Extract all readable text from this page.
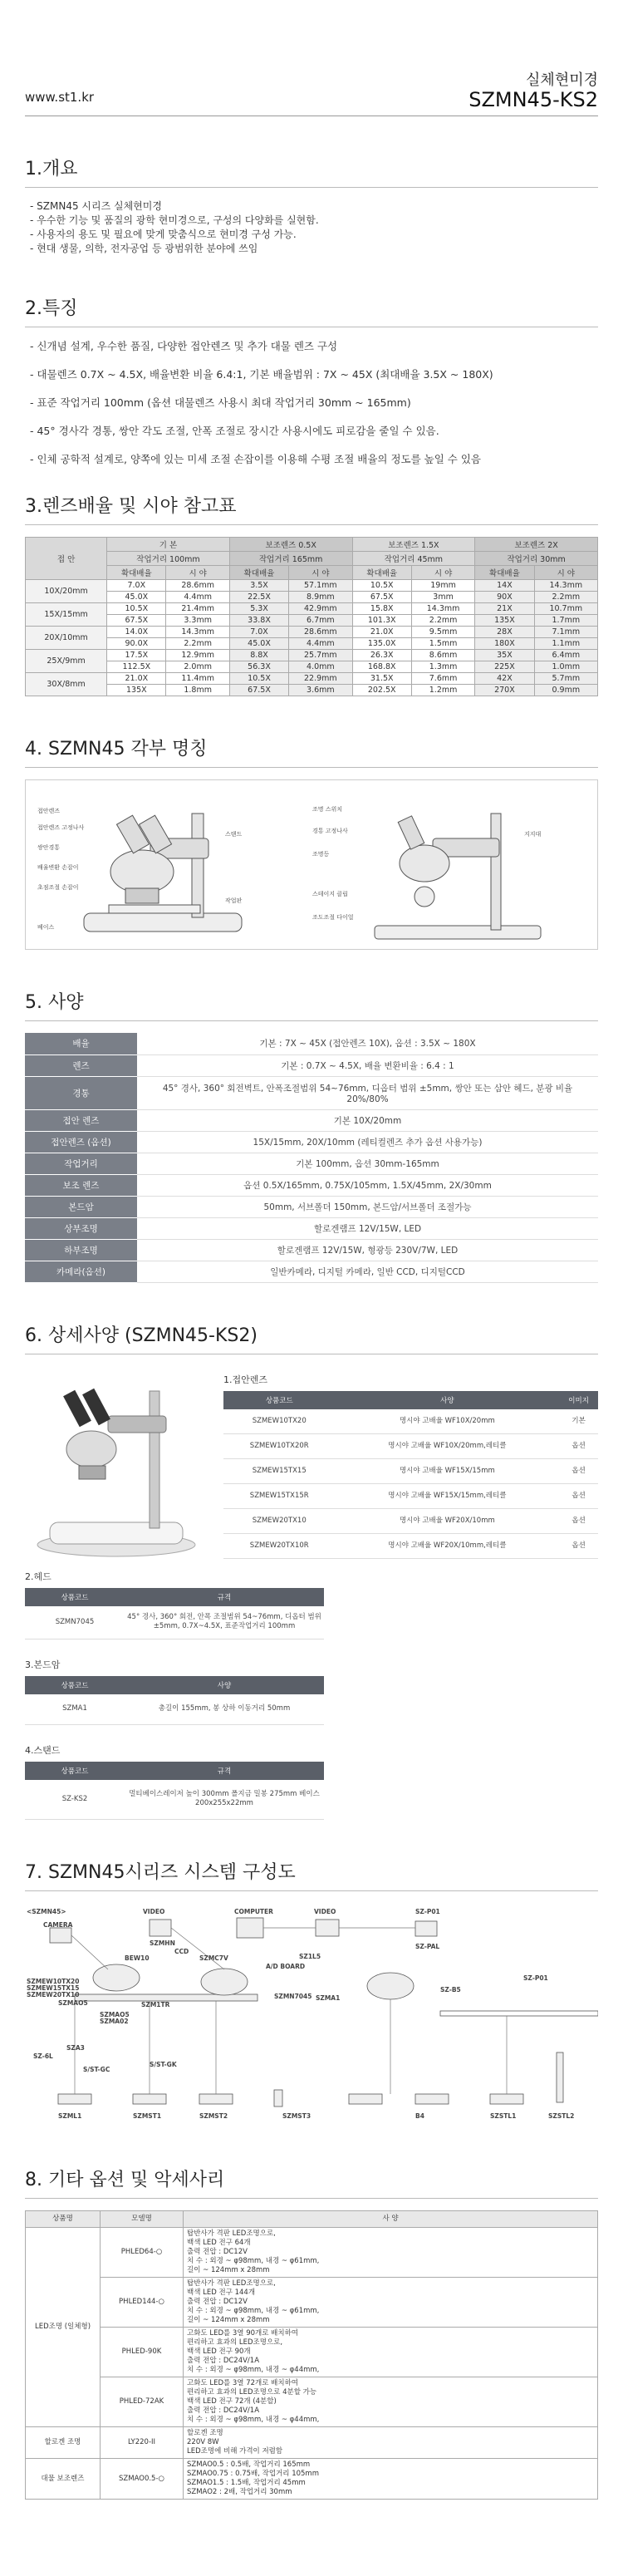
www.st1.kr
실체현미경
SZMN45-KS2
1.개요
- SZMN45 시리즈 실체현미경
- 우수한 기능 및 품질의 광학 현미경으로, 구성의 다양화를 실현함.
- 사용자의 용도 및 필요에 맞게 맞춤식으로 현미경 구성 가능.
- 현대 생물, 의학, 전자공업 등 광범위한 분야에 쓰임
2.특징
- 신개념 설계, 우수한 품질, 다양한 접안렌즈 및 추가 대물 렌즈 구성
- 대물렌즈 0.7X ~ 4.5X, 배율변환 비율 6.4:1, 기본 배율범위 : 7X ~ 45X (최대배율 3.5X ~ 180X)
- 표준 작업거리 100mm (옵션 대물렌즈 사용시 최대 작업거리 30mm ~ 165mm)
- 45° 경사각 경통, 쌍안 각도 조절, 안폭 조절로 장시간 사용시에도 피로감을 줄일 수 있음.
- 인체 공학적 설계로, 양쪽에 있는 미세 조절 손잡이를 이용해 수평 조절 배율의 정도를 높일 수 있음
3.렌즈배율 및 시야 참고표
접 안	기 본		보조렌즈 0.5X		보조렌즈 1.5X		보조렌즈 2X	
	작업거리 100mm		작업거리 165mm		작업거리 45mm		작업거리 30mm	
	확대배율	시 야	확대배율	시 야	확대배율	시 야	확대배율	시 야
10X/20mm	7.0X	28.6mm	3.5X	57.1mm	10.5X	19mm	14X	14.3mm
	45.0X	4.4mm	22.5X	8.9mm	67.5X	3mm	90X	2.2mm
15X/15mm	10.5X	21.4mm	5.3X	42.9mm	15.8X	14.3mm	21X	10.7mm
	67.5X	3.3mm	33.8X	6.7mm	101.3X	2.2mm	135X	1.7mm
20X/10mm	14.0X	14.3mm	7.0X	28.6mm	21.0X	9.5mm	28X	7.1mm
	90.0X	2.2mm	45.0X	4.4mm	135.0X	1.5mm	180X	1.1mm
25X/9mm	17.5X	12.9mm	8.8X	25.7mm	26.3X	8.6mm	35X	6.4mm
	112.5X	2.0mm	56.3X	4.0mm	168.8X	1.3mm	225X	1.0mm
30X/8mm	21.0X	11.4mm	10.5X	22.9mm	31.5X	7.6mm	42X	5.7mm
	135X	1.8mm	67.5X	3.6mm	202.5X	1.2mm	270X	0.9mm
4. SZMN45 각부 명칭
접안렌즈
접안렌즈 고정나사
쌍안경통
배율변환 손잡이
초점조절 손잡이
스탠드
작업판
베이스
조명 스위치
경통 고정나사
조명등
지지대
스테이지 클립
조도조절 다이얼
5. 사양
배율	기본 : 7X ~ 45X (접안렌즈 10X), 옵션 : 3.5X ~ 180X
렌즈	기본 : 0.7X ~ 4.5X, 배율 변환비율 : 6.4 : 1
경통	45° 경사, 360° 회전벽트, 안폭조절범위 54~76mm, 디옵터 범위 ±5mm, 쌍안 또는 삼안 헤드, 분광 비율 20%/80%
접안 렌즈	기본 10X/20mm
접안렌즈 (옵션)	15X/15mm, 20X/10mm (레티컬렌즈 추가 옵션 사용가능)
작업거리	기본 100mm, 옵션 30mm-165mm
보조 렌즈	옵션 0.5X/165mm, 0.75X/105mm, 1.5X/45mm, 2X/30mm
본드암	50mm, 서브폴더 150mm, 본드암/서브폴더 조절가능
상부조명	할로겐램프 12V/15W, LED
하부조명	할로겐램프 12V/15W, 형광등 230V/7W, LED
카메라(옵션)	일반카메라, 디지털 카메라, 일반 CCD, 디지털CCD
6. 상세사양 (SZMN45-KS2)
1.접안렌즈
상품코드	사양	이미지
SZMEW10TX20	명시야 고배율 WF10X/20mm	기본
SZMEW10TX20R	명시야 고배율 WF10X/20mm,레티클	옵션
SZMEW15TX15	명시야 고배율 WF15X/15mm	옵션
SZMEW15TX15R	명시야 고배율 WF15X/15mm,레티클	옵션
SZMEW20TX10	명시야 고배율 WF20X/10mm	옵션
SZMEW20TX10R	명시야 고배율 WF20X/10mm,레티클	옵션
2.헤드
상품코드	규격
SZMN7045	45° 경사, 360° 회전, 안폭 조절범위 54~76mm, 디옵터 범위 ±5mm, 0.7X~4.5X, 표준작업거리 100mm
3.본드암
상품코드	사양
SZMA1	총길이 155mm, 봉 상하 이동거리 50mm
4.스탠드
상품코드	규격
SZ-KS2	멀티베이스레이저 높이 300mm 폴지금 밀봉 275mm 베이스 200x255x22mm
7. SZMN45시리즈 시스템 구성도
<SZMN45>
CAMERA
VIDEO	COMPUTER	VIDEO	SZ-P01
SZMHN
CCD
BEW10	SZMC7V	SZ1L5
SZ-PAL
A/D BOARD
SZMEW10TX20
SZMEW15TX15
SZMEW20TX10
SZMAO5	SZM1TR
SZMN7045 SZMA1
SZMAO5
SZMA02
SZ-B5
SZ-P01
SZ-6L
SZA3
S/ST-GC
S/ST-GK
SZML1	SZMST1	SZMST2	SZMST3	B4	SZSTL1	SZSTL2
8. 기타 옵션 및 악세사리
상품명	모델명	사 양
LED조명 (일체형)	PHLED64-○	탑반사가 격판 LED조명으로,
백색 LED 전구 64개
출력 전압 : DC12V
치 수 : 외경 ~ φ98mm, 내경 ~ φ61mm,
길이 ~ 124mm x 28mm

	PHLED144-○	탑반사가 격판 LED조명으로,
백색 LED 전구 144개
출력 전압 : DC12V
치 수 : 외경 ~ φ98mm, 내경 ~ φ61mm,
길이 ~ 124mm x 28mm

	PHLED-90K	고화도 LED를 3열 90개로 배치하여
편리하고 효과의 LED조명으로,
백색 LED 전구 90개
출력 전압 : DC24V/1A
치 수 : 외경 ~ φ98mm, 내경 ~ φ44mm,

	PHLED-72AK	고화도 LED를 3열 72개로 배치하여
편리하고 효과의 LED조명으로 4분할 가능
백색 LED 전구 72개 (4분할)
출력 전압 : DC24V/1A
치 수 : 외경 ~ φ98mm, 내경 ~ φ44mm,

할로겐 조명	LY220-II	할로겐 조명
220V 8W
LED조명에 비해 가격이 저렴함

대물 보조렌즈	SZMAO0.5-○	SZMAO0.5 : 0.5배, 작업거리 165mm
SZMAO0.75 : 0.75배, 작업거리 105mm
SZMAO1.5 : 1.5배, 작업거리 45mm
SZMAO2 : 2배, 작업거리 30mm
